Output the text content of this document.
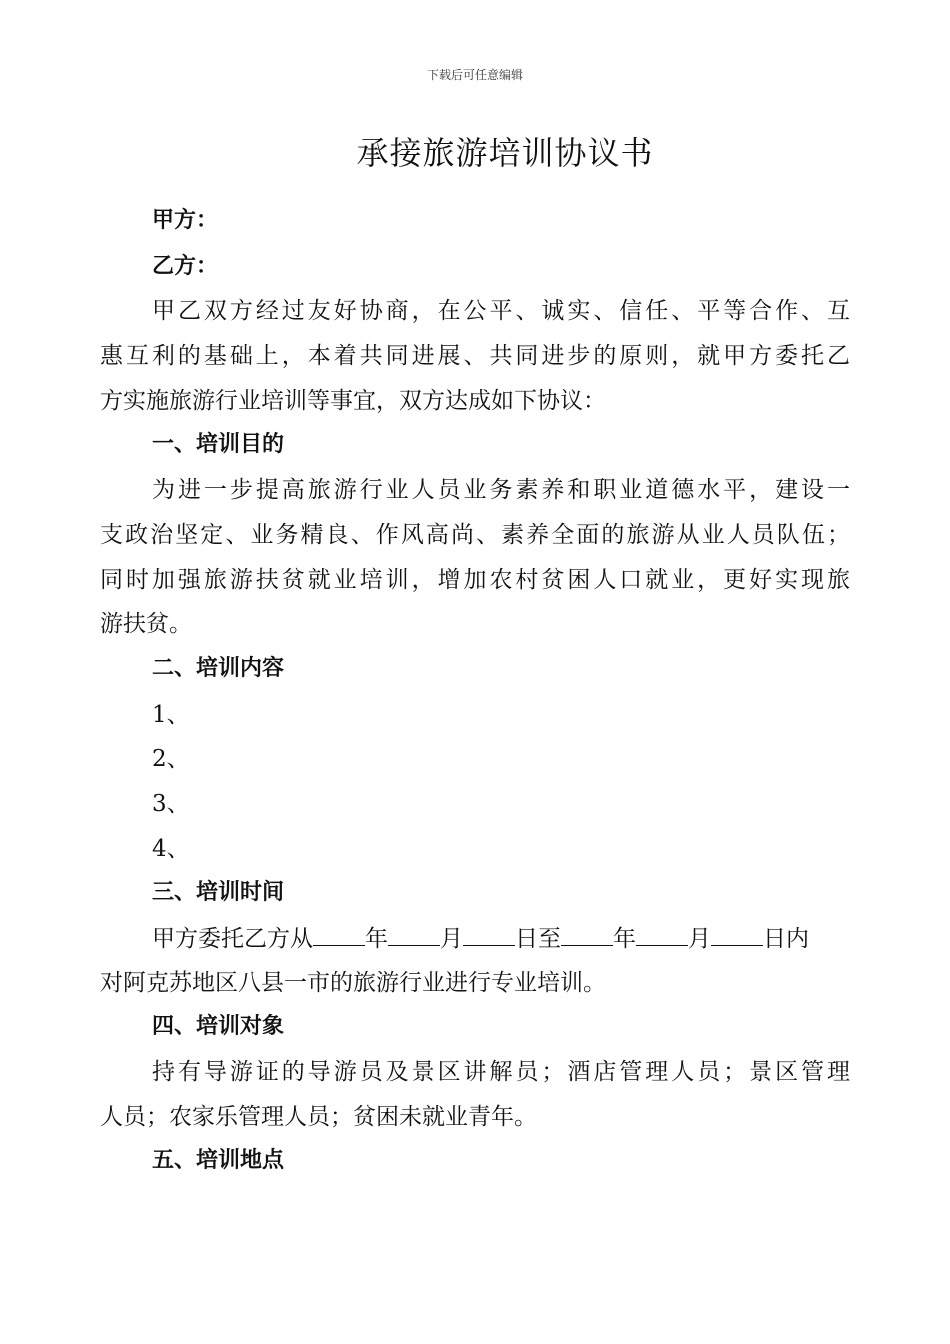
下载后可任意编辑
承接旅游培训协议书
甲方：
乙方：
甲乙双方经过友好协商，在公平、诚实、信任、平等合作、互
惠互利的基础上，本着共同进展、共同进步的原则，就甲方委托乙
方实施旅游行业培训等事宜，双方达成如下协议：
一、培训目的
为进一步提高旅游行业人员业务素养和职业道德水平，建设一
支政治坚定、业务精良、作风高尚、素养全面的旅游从业人员队伍；
同时加强旅游扶贫就业培训，增加农村贫困人口就业，更好实现旅
游扶贫。
二、培训内容
1、
2、
3、
4、
三、培训时间
甲方委托乙方从 年 月 日至 年 月 日内
对阿克苏地区八县一市的旅游行业进行专业培训。
四、培训对象
持有导游证的导游员及景区讲解员；酒店管理人员；景区管理
人员；农家乐管理人员；贫困未就业青年。
五、培训地点
